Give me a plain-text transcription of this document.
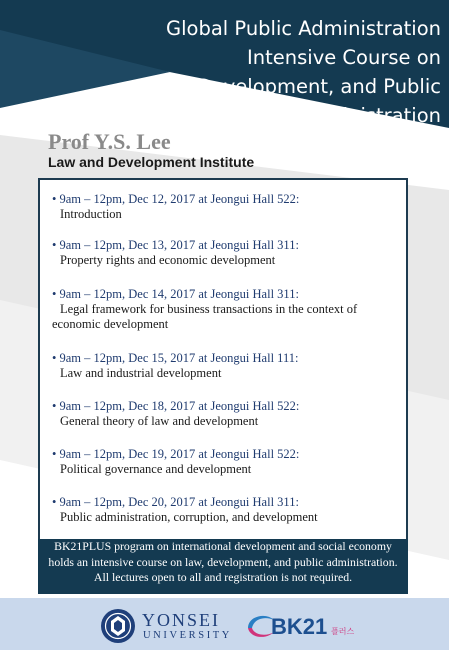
Global Public Administration
Intensive Course on
Law, Development, and Public
Administration
Prof Y.S. Lee
Law and Development Institute
• 9am – 12pm, Dec 12, 2017 at Jeongui Hall 522:
Introduction
• 9am – 12pm, Dec 13, 2017 at Jeongui Hall 311:
Property rights and economic development
• 9am – 12pm, Dec 14, 2017 at Jeongui Hall 311:
Legal framework for business transactions in the context of economic development
• 9am – 12pm, Dec 15, 2017 at Jeongui Hall 111:
Law and industrial development
• 9am – 12pm, Dec 18, 2017 at Jeongui Hall 522:
General theory of law and development
• 9am – 12pm, Dec 19, 2017 at Jeongui Hall 522:
Political governance and development
• 9am – 12pm, Dec 20, 2017 at Jeongui Hall 311:
Public administration, corruption, and development

BK21PLUS program on international development and social economy holds an intensive course on law, development, and public administration. All lectures open to all and registration is not required.

YONSEI
UNIVERSITY BK21 플러스
